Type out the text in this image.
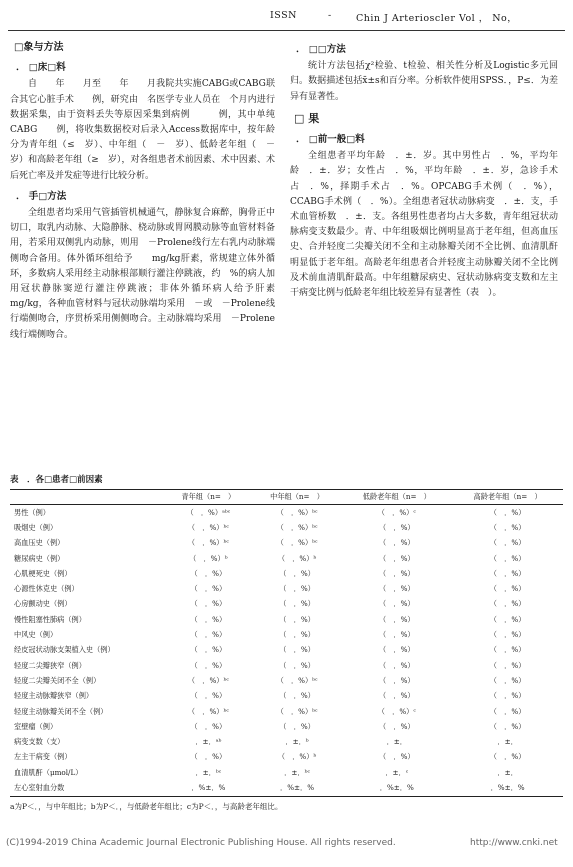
ISSN	-	Chin J Arterioscler Vol ， No，
□象与方法
． □床□料

自　　年　　月至　　年　　月我院共实施CABG或CABG联合其它心脏手术　　例，研究由　名医学专业人员在　个月内进行数据采集，由于资料丢失等原因采集到病例　　　例，其中单纯CABG　　例，将收集数据校对后录入Access数据库中，按年龄分为青年组（≤　岁）、中年组（　－　岁）、低龄老年组（　－　岁）和高龄老年组（≥　岁），对各组患者术前因素、术中因素、术后死亡率及并发症等进行比较分析。

． 手□方法

全组患者均采用气管插管机械通气，静脉复合麻醉，胸骨正中切口，取乳内动脉、大隐静脉、桡动脉或胃网膜动脉等血管材料备用，若采用双侧乳内动脉，则用　－Prolene线行左右乳内动脉端侧吻合备用。体外循环组给予　　mg/kg肝素，常规建立体外循环，多数病人采用经主动脉根部顺行灌注停跳液，约　%的病人加用冠状静脉窦逆行灌注停跳液；非体外循环病人给予肝素　　mg/kg，各种血管材料与冠状动脉端均采用　－或　－Prolene线行端侧吻合，序贯桥采用侧侧吻合。主动脉端均采用　－Prolene线行端侧吻合。

． □□方法

统计方法包括χ²检验、t检验、相关性分析及Logistic多元回归。数据描述包括x̄±s和百分率。分析软件使用SPSS．，P≤．为差异有显著性。

□ 果
． □前一般□料

全组患者平均年龄　．±．岁。其中男性占　．%，平均年龄　．±．岁；女性占　．%，平均年龄　．±．岁，急诊手术占　．%，择期手术占　．%。OPCABG手术例（　．%），CCABG手术例（　．%）。全组患者冠状动脉病变　．±．支，手术血管桥数　．±．支。各组男性患者均占大多数，青年组冠状动脉病变支数最少。青、中年组吸烟比例明显高于老年组，但高血压史、合并轻度二尖瓣关闭不全和主动脉瓣关闭不全比例、血清肌酐明显低于老年组。高龄老年组患者合并轻度主动脉瓣关闭不全比例及术前血清肌酐最高。中年组糖尿病史、冠状动脉病变支数和左主干病变比例与低龄老年组比较差异有显著性（表　）。

表　．各□患者□前因素
	青年组（n=　）	中年组（n=　）	低龄老年组（n=　）	高龄老年组（n=　）
男性（例）	（　．%）ᵃᵇᶜ	（　．%）ᵇᶜ	（　．%）ᶜ	（　．%）
吸烟史（例）	（　．%）ᵇᶜ	（　．%）ᵇᶜ	（　．%）	（　．%）
高血压史（例）	（　．%）ᵇᶜ	（　．%）ᵇᶜ	（　．%）	（　．%）
糖尿病史（例）	（　．%）ᵇ	（　．%）ᵇ	（　．%）	（　．%）
心肌梗死史（例）	（　．%）	（　．%）	（　．%）	（　．%）
心源性休克史（例）	（　．%）	（　．%）	（　．%）	（　．%）
心房颤动史（例）	（　．%）	（　．%）	（　．%）	（　．%）
慢性阻塞性肺病（例）	（　．%）	（　．%）	（　．%）	（　．%）
中风史（例）	（　．%）	（　．%）	（　．%）	（　．%）
经皮冠状动脉支架植入史（例）	（　．%）	（　．%）	（　．%）	（　．%）
轻度二尖瓣狭窄（例）	（　．%）	（　．%）	（　．%）	（　．%）
轻度二尖瓣关闭不全（例）	（　．%）ᵇᶜ	（　．%）ᵇᶜ	（　．%）	（　．%）
轻度主动脉瓣狭窄（例）	（　．%）	（　．%）	（　．%）	（　．%）
轻度主动脉瓣关闭不全（例）	（　．%）ᵇᶜ	（　．%）ᵇᶜ	（　．%）ᶜ	（　．%）
室壁瘤（例）	（　．%）	（　．%）	（　．%）	（　．%）
病变支数（支）	．±．ᵃᵇ	．±．ᵇ	．±．	．±．
左主干病变（例）	（　．%）	（　．%）ᵇ	（　．%）	（　．%）
血清肌酐（μmol/L）	．±．ᵇᶜ	．±．ᵇᶜ	．±．ᶜ	．±．
左心室射血分数	．%±．%	．%±．%	．%±．%	．%±．%
a为P＜．，与中年组比；b为P＜．，与低龄老年组比；c为P＜．，与高龄老年组比。
(C)1994-2019 China Academic Journal Electronic Publishing House. All rights reserved.	http://www.cnki.net
